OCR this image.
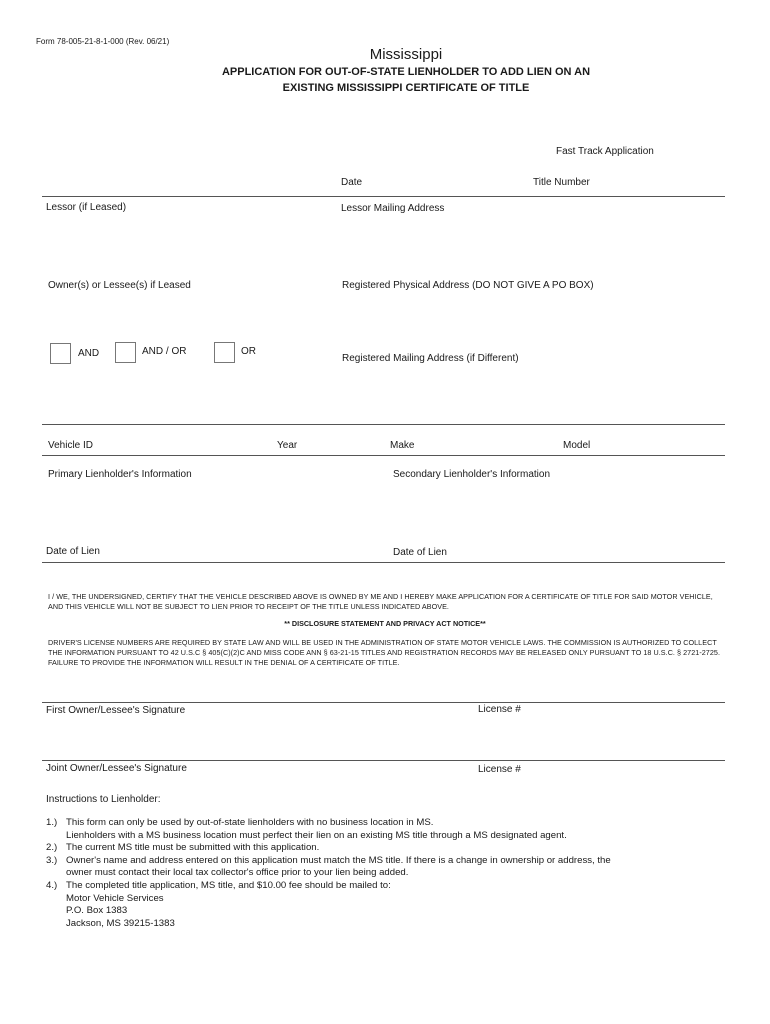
Form 78-005-21-8-1-000 (Rev. 06/21)
Mississippi
APPLICATION FOR OUT-OF-STATE LIENHOLDER TO ADD LIEN ON AN
EXISTING MISSISSIPPI CERTIFICATE OF TITLE
Fast Track Application
Date	Title Number
Lessor (if Leased)	Lessor Mailing Address
Owner(s) or Lessee(s) if Leased	Registered Physical Address (DO NOT GIVE A PO BOX)
AND	AND / OR	OR
Registered Mailing Address (if Different)
Vehicle ID	Year	Make	Model
Primary Lienholder's Information	Secondary Lienholder's Information
Date of Lien	Date of Lien
I / WE, THE UNDERSIGNED, CERTIFY THAT THE VEHICLE DESCRIBED ABOVE IS OWNED BY ME AND I HEREBY MAKE APPLICATION FOR A CERTIFICATE OF TITLE FOR SAID MOTOR VEHICLE, AND THIS VEHICLE WILL NOT BE SUBJECT TO LIEN PRIOR TO RECEIPT OF THE TITLE UNLESS INDICATED ABOVE.
** DISCLOSURE STATEMENT AND PRIVACY ACT NOTICE**
DRIVER'S LICENSE NUMBERS ARE REQUIRED BY STATE LAW AND WILL BE USED IN THE ADMINISTRATION OF STATE MOTOR VEHICLE LAWS. THE COMMISSION IS AUTHORIZED TO COLLECT THE INFORMATION PURSUANT TO 42 U.S.C § 405(C)(2)C AND MISS CODE ANN § 63-21-15 TITLES AND REGISTRATION RECORDS MAY BE RELEASED ONLY PURSUANT TO 18 U.S.C. § 2721-2725. FAILURE TO PROVIDE THE INFORMATION WILL RESULT IN THE DENIAL OF A CERTIFICATE OF TITLE.
First Owner/Lessee's Signature	License #
Joint Owner/Lessee's Signature	License #
Instructions to Lienholder:
1.) This form can only be used by out-of-state lienholders with no business location in MS.
Lienholders with a MS business location must perfect their lien on an existing MS title through a MS designated agent.
2.) The current MS title must be submitted with this application.
3.) Owner's name and address entered on this application must match the MS title. If there is a change in ownership or address, the
owner must contact their local tax collector's office prior to your lien being added.
4.) The completed title application, MS title, and $10.00 fee should be mailed to:
Motor Vehicle Services
P.O. Box 1383
Jackson, MS 39215-1383
